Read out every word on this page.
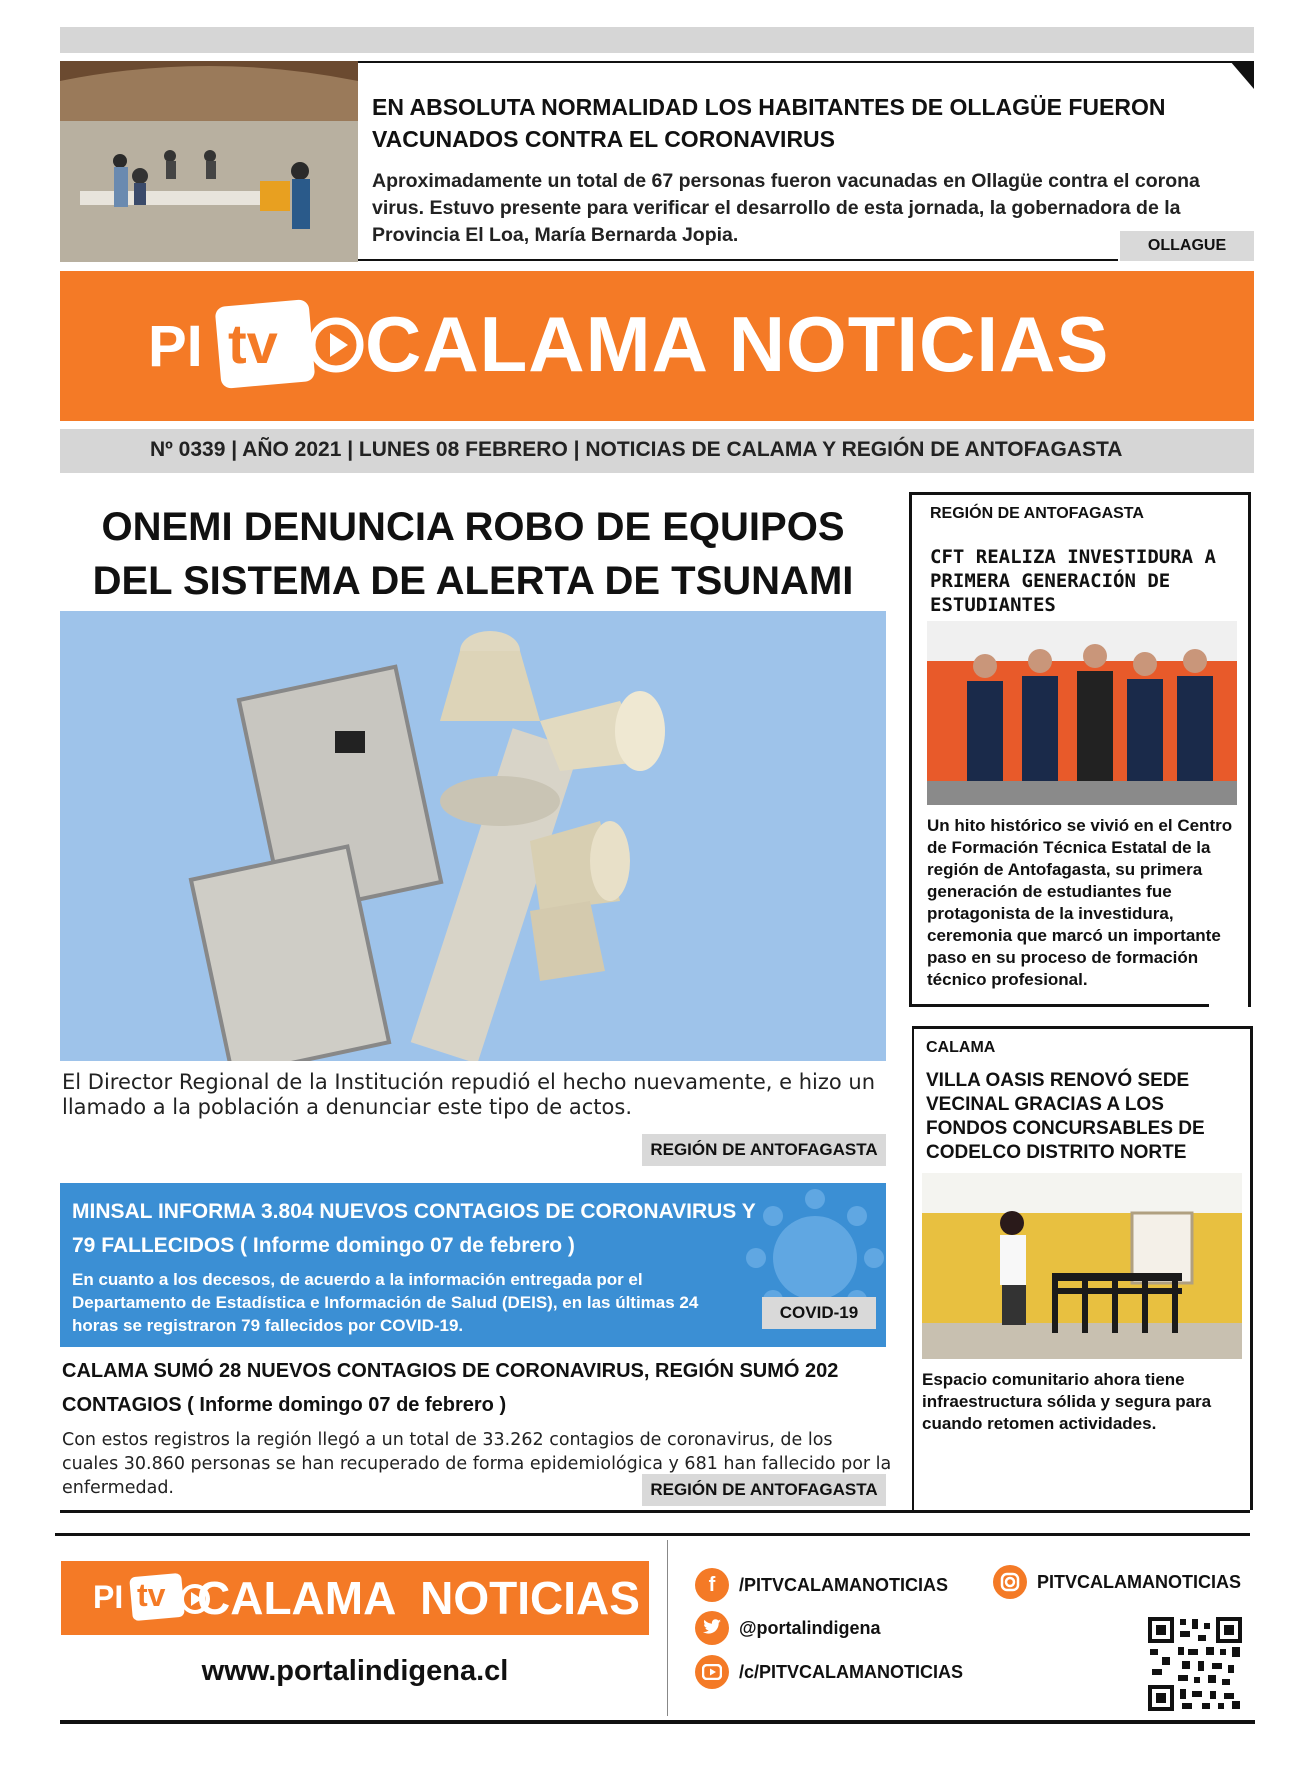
EN ABSOLUTA NORMALIDAD LOS HABITANTES DE OLLAGÜE FUERON VACUNADOS CONTRA EL CORONAVIRUS
Aproximadamente un total de 67 personas fueron vacunadas en Ollagüe contra el corona virus. Estuvo presente para verificar el desarrollo de esta jornada, la gobernadora de la Provincia El Loa, María Bernarda Jopia.	OLLAGUE
PI tv CALAMA NOTICIAS
Nº 0339 | AÑO 2021 | LUNES 08 FEBRERO | NOTICIAS DE CALAMA Y REGIÓN DE ANTOFAGASTA
ONEMI DENUNCIA ROBO DE EQUIPOS
DEL SISTEMA DE ALERTA DE TSUNAMI
El Director Regional de la Institución repudió el hecho nuevamente, e hizo un llamado a la población a denunciar este tipo de actos.
REGIÓN DE ANTOFAGASTA
MINSAL INFORMA 3.804 NUEVOS CONTAGIOS DE CORONAVIRUS Y 79 FALLECIDOS ( Informe domingo 07 de febrero )
En cuanto a los decesos, de acuerdo a la información entregada por el Departamento de Estadística e Información de Salud (DEIS), en las últimas 24 horas se registraron 79 fallecidos por COVID-19.
COVID-19
CALAMA SUMÓ 28 NUEVOS CONTAGIOS DE CORONAVIRUS, REGIÓN SUMÓ 202 CONTAGIOS ( Informe domingo 07 de febrero )
Con estos registros la región llegó a un total de 33.262 contagios de coronavirus, de los cuales 30.860 personas se han recuperado de forma epidemiológica y 681 han fallecido por la enfermedad.	REGIÓN DE ANTOFAGASTA
REGIÓN DE ANTOFAGASTA
CFT REALIZA INVESTIDURA A PRIMERA GENERACIÓN DE ESTUDIANTES
Un hito histórico se vivió en el Centro de Formación Técnica Estatal de la región de Antofagasta, su primera generación de estudiantes fue protagonista de la investidura, ceremonia que marcó un importante paso en su proceso de formación técnico profesional.
CALAMA
VILLA OASIS RENOVÓ SEDE VECINAL GRACIAS A LOS FONDOS CONCURSABLES DE CODELCO DISTRITO NORTE
Espacio comunitario ahora tiene infraestructura sólida y segura para cuando retomen actividades.
PI tv CALAMA  NOTICIAS
www.portalindigena.cl
f	/PITVCALAMANOTICIAS	PITVCALAMANOTICIAS
@portalindigena
/c/PITVCALAMANOTICIAS
